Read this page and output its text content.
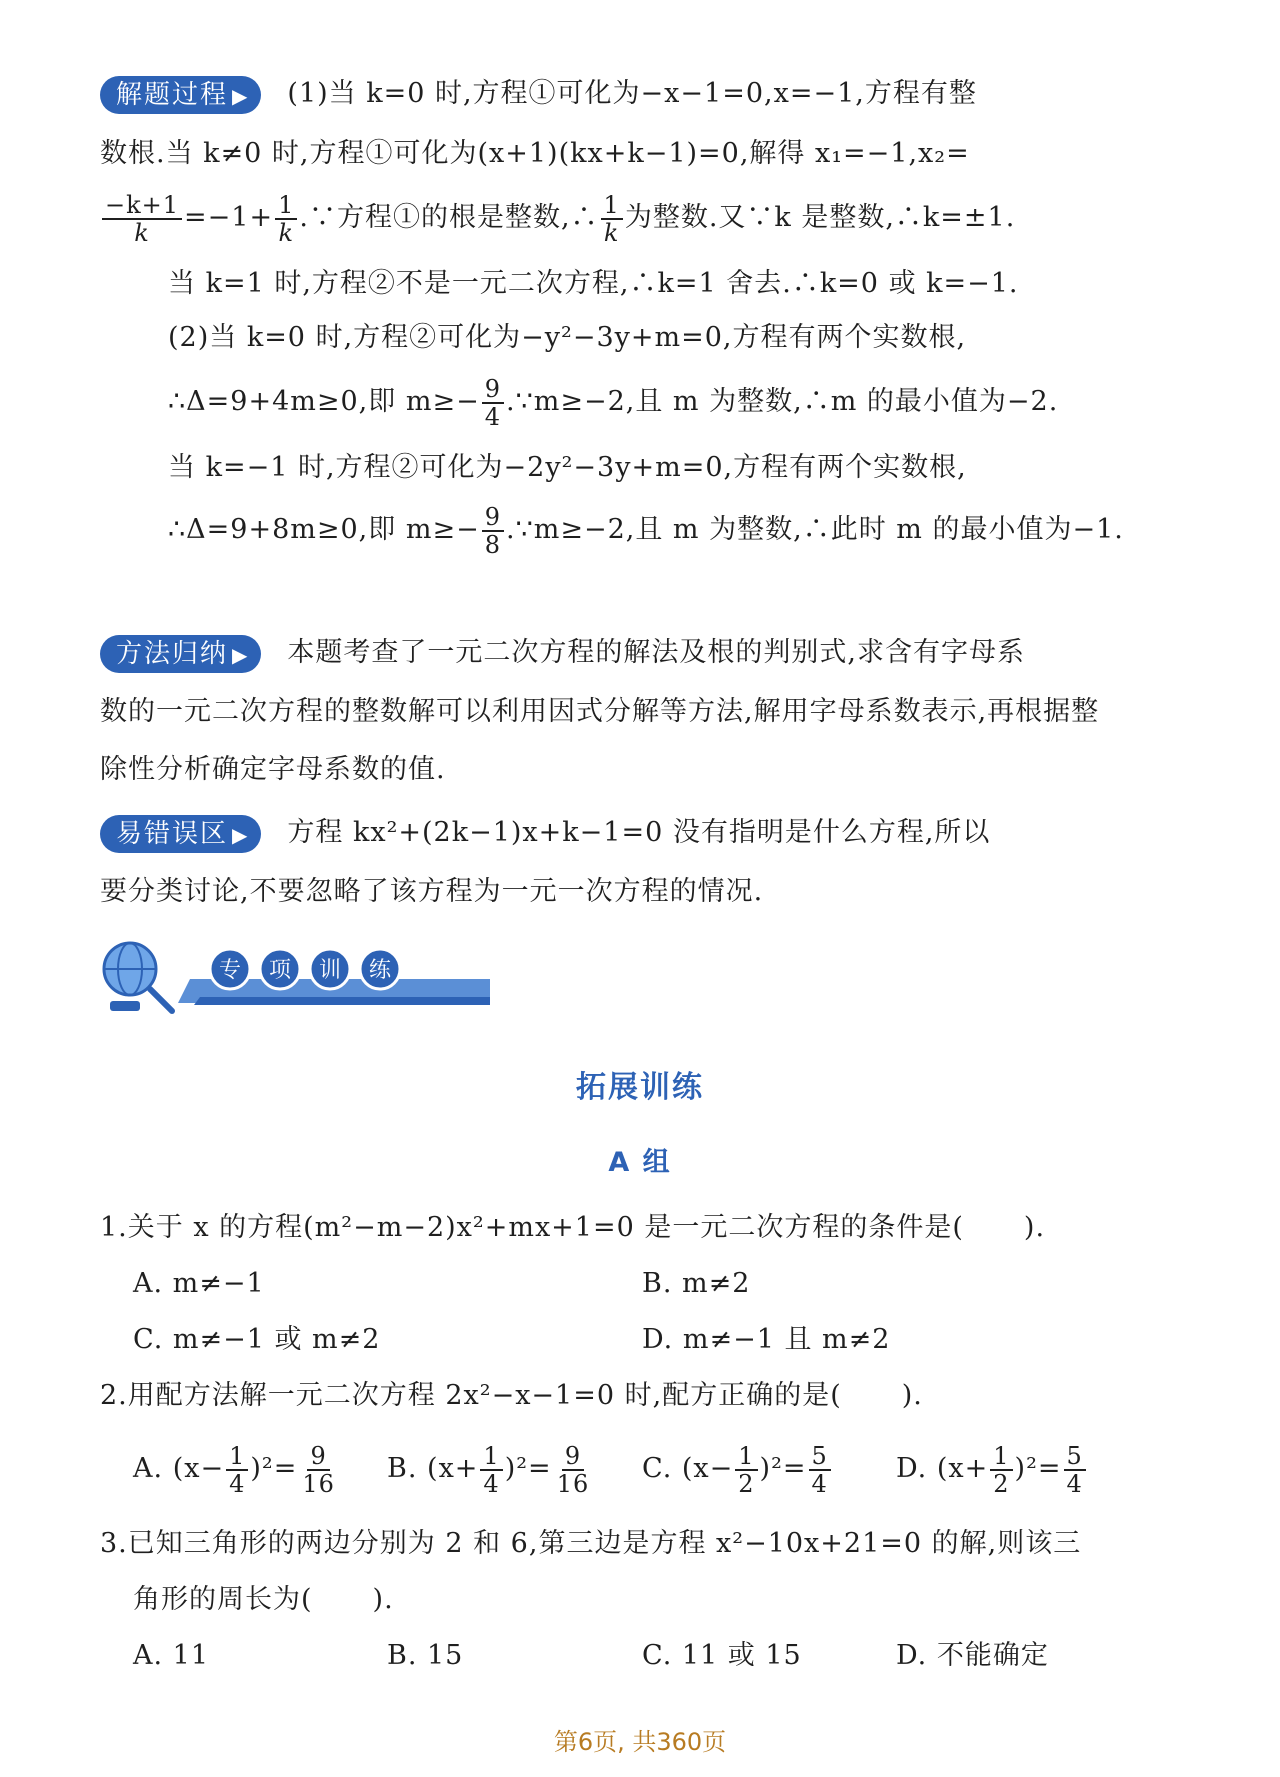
解题过程 ▶ (1)当 k=0 时,方程①可化为−x−1=0,x=−1,方程有整
数根.当 k≠0 时,方程①可化为(x+1)(kx+k−1)=0,解得 x₁=−1,x₂=
$\frac{-k+1}{k} =-1+ \frac{1}{k}$ .∵方程①的根是整数,∴ $\frac{1}{k}$ 为整数.又∵k 是整数,∴k=±1.
当 k=1 时,方程②不是一元二次方程,∴k=1 舍去.∴k=0 或 k=−1.
(2)当 k=0 时,方程②可化为−y²−3y+m=0,方程有两个实数根,
∴Δ=9+4m≥0,即 $m\ge- \frac{9}{4}$ .∵m≥−2,且 m 为整数,∴m 的最小值为−2.
当 k=−1 时,方程②可化为−2y²−3y+m=0,方程有两个实数根,
∴Δ=9+8m≥0,即 $m\ge- \frac{9}{8}$ .∵m≥−2,且 m 为整数,∴此时 m 的最小值为−1.
方法归纳 ▶ 本题考查了一元二次方程的解法及根的判别式,求含有字母系
数的一元二次方程的整数解可以利用因式分解等方法,解用字母系数表示,再根据整
除性分析确定字母系数的值.
易错误区 ▶ 方程 kx²+(2k−1)x+k−1=0 没有指明是什么方程,所以
要分类讨论,不要忽略了该方程为一元一次方程的情况.
专 项 训 练
拓展训练
A 组
1.关于 x 的方程(m²−m−2)x²+mx+1=0 是一元二次方程的条件是( ).
A. m≠−1	B. m≠2
C. m≠−1 或 m≠2	D. m≠−1 且 m≠2
2.用配方法解一元二次方程 2x²−x−1=0 时,配方正确的是( ).
A. $(x- \frac{1}{4} )^2= \frac{9}{16} B$. $(x+ \frac{1}{4} )^2= \frac{9}{16} C$. $(x- \frac{1}{2} )^2= \frac{5}{4} D$. $(x+ \frac{1}{2} )^2= \frac{5}{4}$
3.已知三角形的两边分别为 2 和 6,第三边是方程 x²−10x+21=0 的解,则该三
角形的周长为( ).
A. 11	B. 15	C. 11 或 15	D. 不能确定
第6页, 共360页
